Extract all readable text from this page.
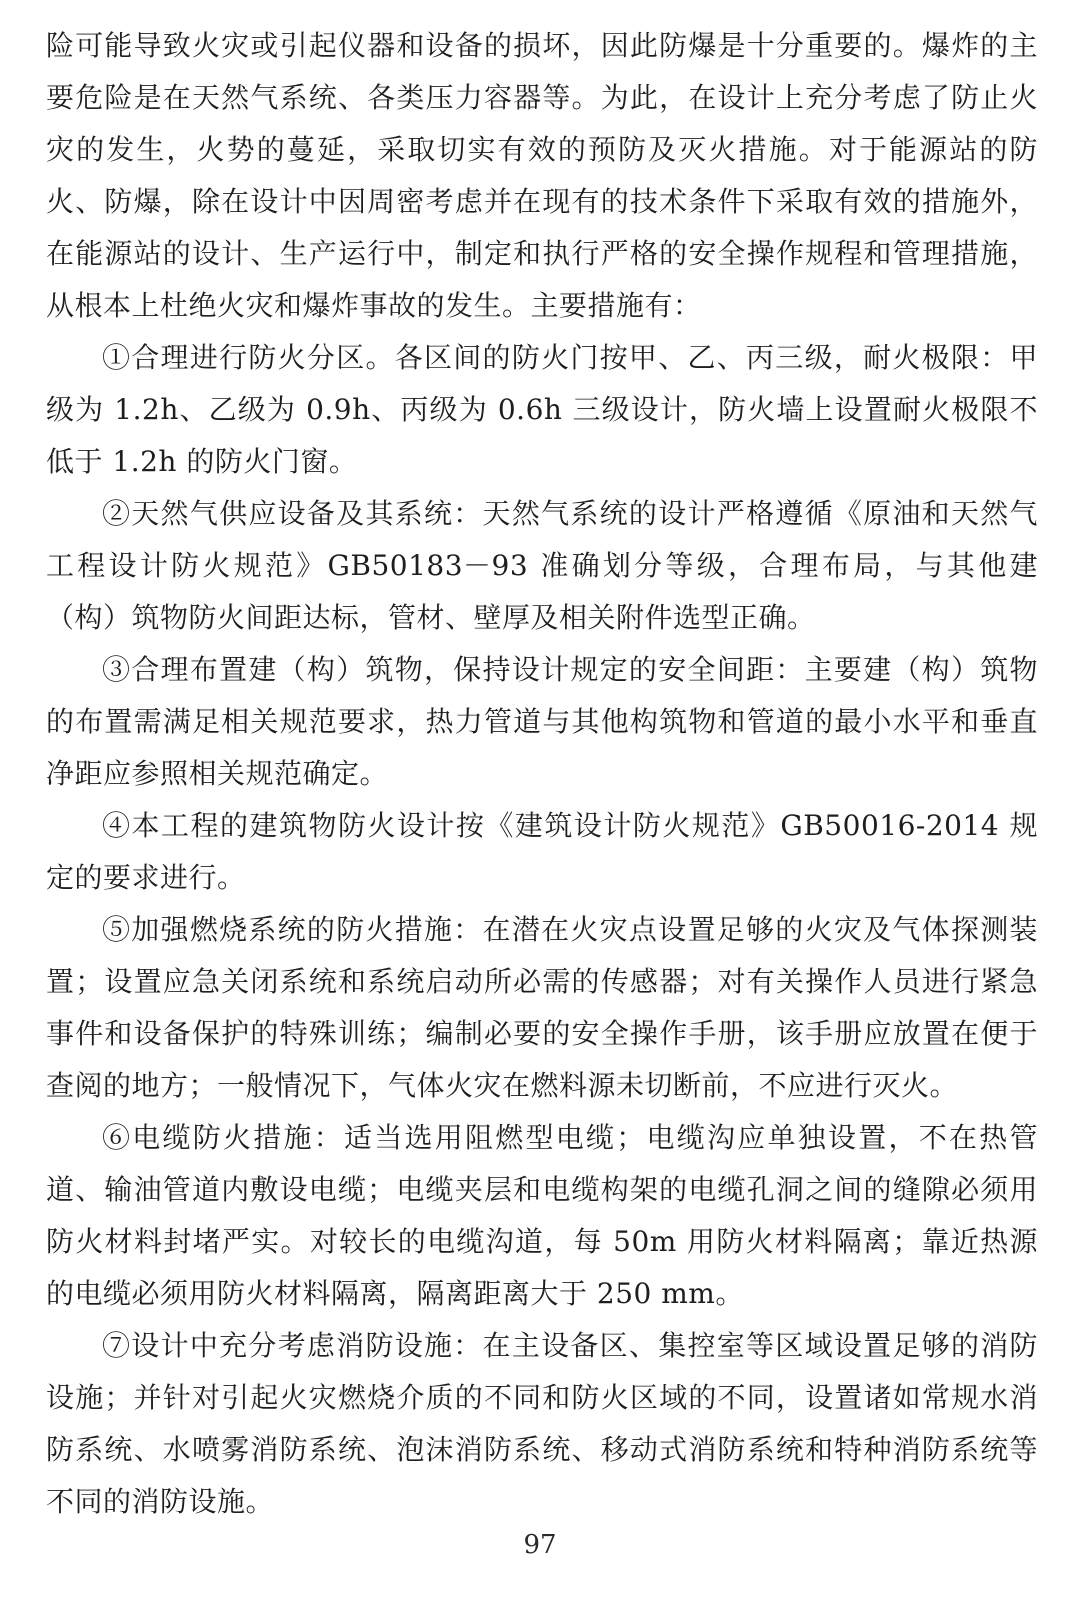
险可能导致火灾或引起仪器和设备的损坏，因此防爆是十分重要的。爆炸的主要危险是在天然气系统、各类压力容器等。为此，在设计上充分考虑了防止火灾的发生，火势的蔓延，采取切实有效的预防及灭火措施。对于能源站的防火、防爆，除在设计中因周密考虑并在现有的技术条件下采取有效的措施外，在能源站的设计、生产运行中，制定和执行严格的安全操作规程和管理措施，从根本上杜绝火灾和爆炸事故的发生。主要措施有：

①合理进行防火分区。各区间的防火门按甲、乙、丙三级，耐火极限：甲级为 1.2h、乙级为 0.9h、丙级为 0.6h 三级设计，防火墙上设置耐火极限不低于 1.2h 的防火门窗。

②天然气供应设备及其系统：天然气系统的设计严格遵循《原油和天然气工程设计防火规范》GB50183－93 准确划分等级，合理布局，与其他建（构）筑物防火间距达标，管材、壁厚及相关附件选型正确。

③合理布置建（构）筑物，保持设计规定的安全间距：主要建（构）筑物的布置需满足相关规范要求，热力管道与其他构筑物和管道的最小水平和垂直净距应参照相关规范确定。

④本工程的建筑物防火设计按《建筑设计防火规范》GB50016-2014 规定的要求进行。

⑤加强燃烧系统的防火措施：在潜在火灾点设置足够的火灾及气体探测装置；设置应急关闭系统和系统启动所必需的传感器；对有关操作人员进行紧急事件和设备保护的特殊训练；编制必要的安全操作手册，该手册应放置在便于查阅的地方；一般情况下，气体火灾在燃料源未切断前，不应进行灭火。

⑥电缆防火措施：适当选用阻燃型电缆；电缆沟应单独设置，不在热管道、输油管道内敷设电缆；电缆夹层和电缆构架的电缆孔洞之间的缝隙必须用防火材料封堵严实。对较长的电缆沟道，每 50m 用防火材料隔离；靠近热源的电缆必须用防火材料隔离，隔离距离大于 250 mm。

⑦设计中充分考虑消防设施：在主设备区、集控室等区域设置足够的消防设施；并针对引起火灾燃烧介质的不同和防火区域的不同，设置诸如常规水消防系统、水喷雾消防系统、泡沫消防系统、移动式消防系统和特种消防系统等不同的消防设施。

97
